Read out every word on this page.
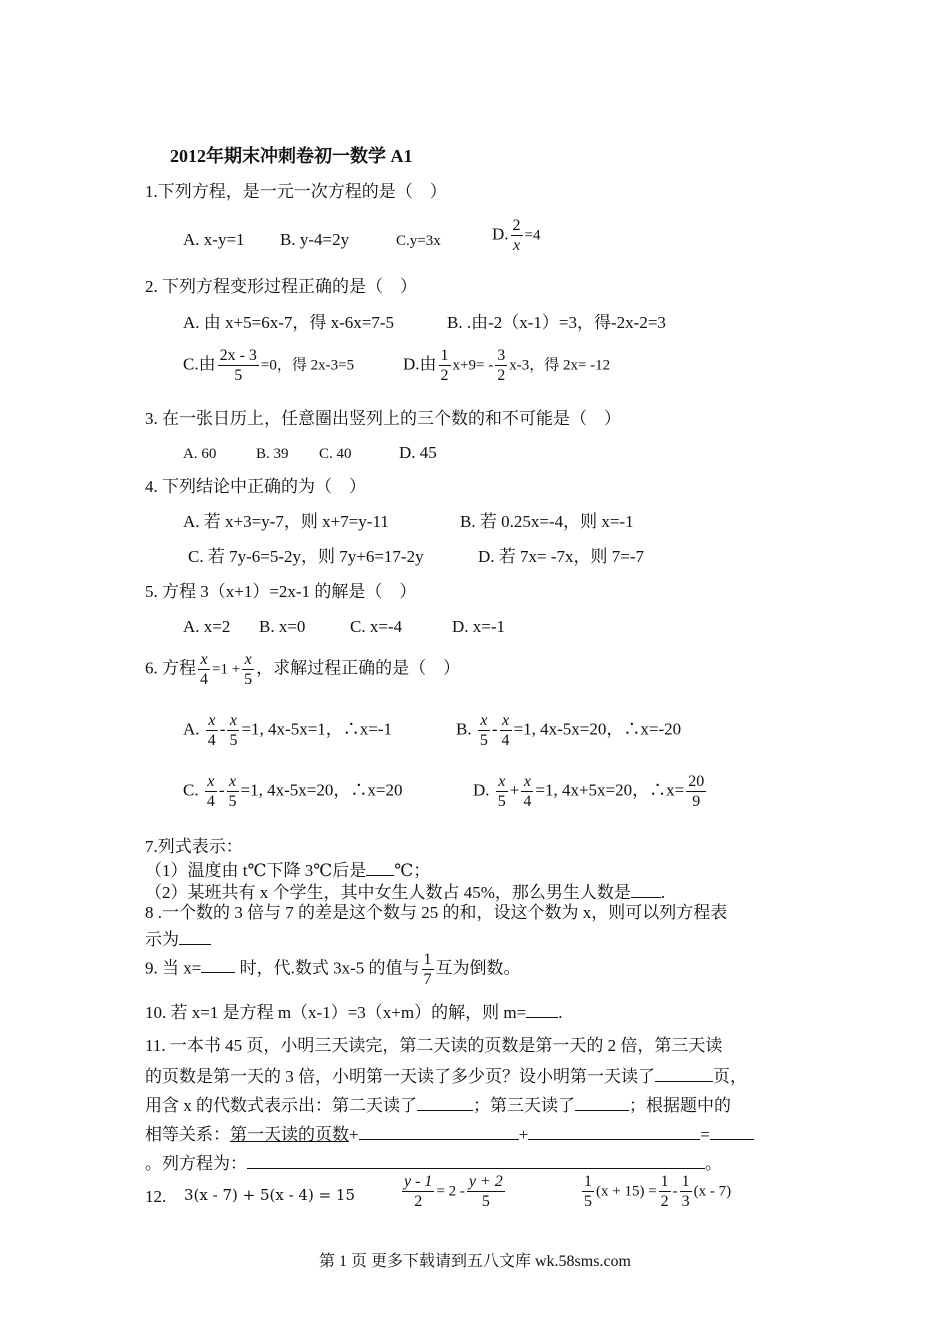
2012年期末冲刺卷初一数学 A1
1.下列方程，是一元一次方程的是（　）
A. x-y=1 B. y-4=2y	C.y=3x	D. $\frac{2}{x} =4$
2. 下列方程变形过程正确的是（　）
A. 由 x+5=6x-7，得 x-6x=7-5	B. .由-2（x-1）=3，得-2x-2=3
C.由 $\frac{2x - 3}{5} =0$，得 2x-3=5	D.由 $\frac{1}{2} x+9= - \frac{3}{2} x-3$，得 2x= -12
3. 在一张日历上，任意圈出竖列上的三个数的和不可能是（　）
A. 60	B. 39 C. 40	D. 45
4. 下列结论中正确的为（　）
A. 若 x+3=y-7，则 x+7=y-11	B. 若 0.25x=-4，则 x=-1
C. 若 7y-6=5-2y，则 7y+6=17-2y	D. 若 7x= -7x，则 7=-7
5. 方程 3（x+1）=2x-1 的解是（　）
A. x=2 B. x=0	C. x=-4	D. x=-1
6. 方程 $\frac{x}{4} =1 + \frac{x}{5}$ ，求解过程正确的是（　）
A. $\frac{x}{4} - \frac{x}{5} =1$, 4x-5x=1，∴x=-1	B. $\frac{x}{5} - \frac{x}{4} =1$, 4x-5x=20，∴x=-20
C. $\frac{x}{4} - \frac{x}{5} =1$, 4x-5x=20，∴x=20	D. $\frac{x}{5} + \frac{x}{4} =1$, 4x+5x=20，∴x= $\frac{20}{9}$
7.列式表示：
（1）温度由 t℃下降 3℃后是 ℃；
（2）某班共有 x 个学生，其中女生人数占 45%，那么男生人数是 .
8 .一个数的 3 倍与 7 的差是这个数与 25 的和，设这个数为 x，则可以列方程表
示为
9. 当 x= 时，代.数式 3x-5 的值与 $\frac{1}{7}$ 互为倒数。
10. 若 x=1 是方程 m（x-1）=3（x+m）的解，则 m= .
11. 一本书 45 页，小明三天读完，第二天读的页数是第一天的 2 倍，第三天读
的页数是第一天的 3 倍，小明第一天读了多少页？设小明第一天读了	页，
用含 x 的代数式表示出：第二天读了	；第三天读了	；根据题中的
相等关系：第一天读的页数+	+	=
。列方程为：	。
12. 3(x - 7) + 5(x - 4) = 15	$\frac{y - 1}{2} = 2 - \frac{y + 2}{5}$	$\frac{1}{5} (x + 15) = \frac{1}{2} - \frac{1}{3} (x - 7)$
第 1 页 更多下载请到五八文库 wk.58sms.com
